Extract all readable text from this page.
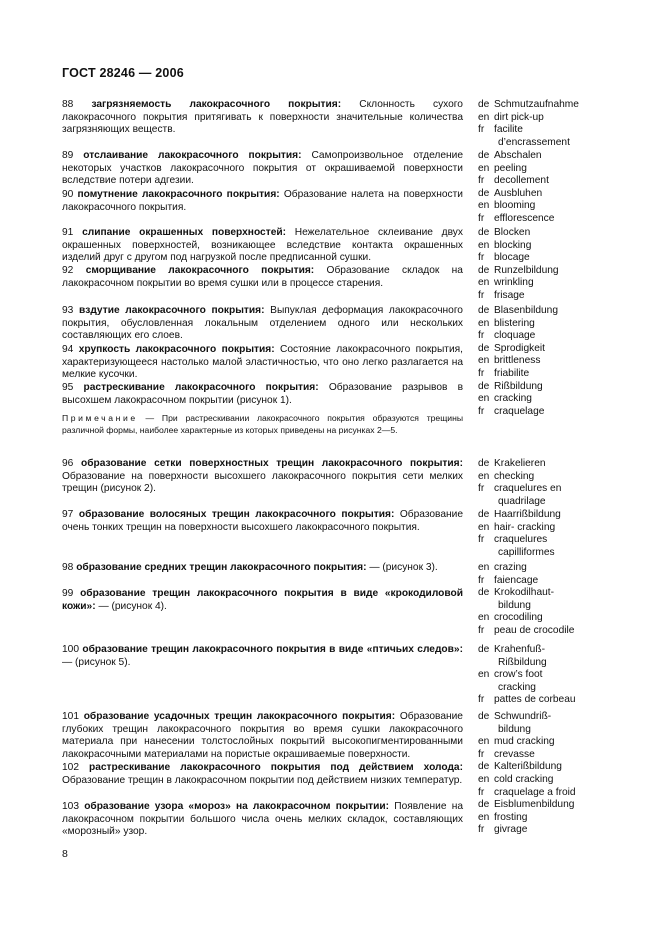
ГОСТ 28246 — 2006
88 загрязняемость лакокрасочного покрытия: Склонность сухого лакокрасочного покрытия притягивать к поверхности значительные количества загрязняющих веществ.
89 отслаивание лакокрасочного покрытия: Самопроизвольное отделение некоторых участков лакокрасочного покрытия от окрашиваемой поверхности вследствие потери адгезии.
90 помутнение лакокрасочного покрытия: Образование налета на поверхности лакокрасочного покрытия.
91 слипание окрашенных поверхностей: Нежелательное склеивание двух окрашенных поверхностей, возникающее вследствие контакта окрашенных изделий друг с другом под нагрузкой после предписанной сушки.
92 сморщивание лакокрасочного покрытия: Образование складок на лакокрасочном покрытии во время сушки или в процессе старения.
93 вздутие лакокрасочного покрытия: Выпуклая деформация лакокрасочного покрытия, обусловленная локальным отделением одного или нескольких составляющих его слоев.
94 хрупкость лакокрасочного покрытия: Состояние лакокрасочного покрытия, характеризующееся настолько малой эластичностью, что оно легко разлагается на мелкие кусочки.
95 растрескивание лакокрасочного покрытия: Образование разрывов в высохшем лакокрасочном покрытии (рисунок 1).
Примечание — При растрескивании лакокрасочного покрытия образуются трещины различной формы, наиболее характерные из которых приведены на рисунках 2—5.
96 образование сетки поверхностных трещин лакокрасочного покрытия: Образование на поверхности высохшего лакокрасочного покрытия сети мелких трещин (рисунок 2).
97 образование волосяных трещин лакокрасочного покрытия: Образование очень тонких трещин на поверхности высохшего лакокрасочного покрытия.
98 образование средних трещин лакокрасочного покрытия: — (рисунок 3).
99 образование трещин лакокрасочного покрытия в виде «крокодиловой кожи»: — (рисунок 4).
100 образование трещин лакокрасочного покрытия в виде «птичьих следов»: — (рисунок 5).
101 образование усадочных трещин лакокрасочного покрытия: Образование глубоких трещин лакокрасочного покрытия во время сушки лакокрасочного материала при нанесении толстослойных покрытий высокопигментированными лакокрасочными материалами на пористые окрашиваемые поверхности.
102 растрескивание лакокрасочного покрытия под действием холода: Образование трещин в лакокрасочном покрытии под действием низких температур.
103 образование узора «мороз» на лакокрасочном покрытии: Появление на лакокрасочном покрытии большого числа очень мелких складок, составляющих «морозный» узор.
de Schmutzaufnahme
en dirt pick-up
fr facilite
d’encrassement
de Abschalen
en peeling
fr decollement
de Ausbluhen
en blooming
fr efflorescence
de Blocken
en blocking
fr blocage
de Runzelbildung
en wrinkling
fr frisage
de Blasenbildung
en blistering
fr cloquage
de Sprodigkeit
en brittleness
fr friabilite
de Rißbildung
en cracking
fr craquelage
de Krakelieren
en checking
fr craquelures en
quadrilage
de Haarrißbildung
en hair- cracking
fr craquelures
capilliformes
en crazing
fr faiencage
de Krokodilhaut-
bildung
en crocodiling
fr peau de crocodile
de Krahenfuß-
Rißbildung
en crow’s foot
cracking
fr pattes de corbeau
de Schwundriß-
bildung
en mud cracking
fr crevasse
de Kalterißbildung
en cold cracking
fr craquelage a froid
de Eisblumenbildung
en frosting
fr givrage
8
